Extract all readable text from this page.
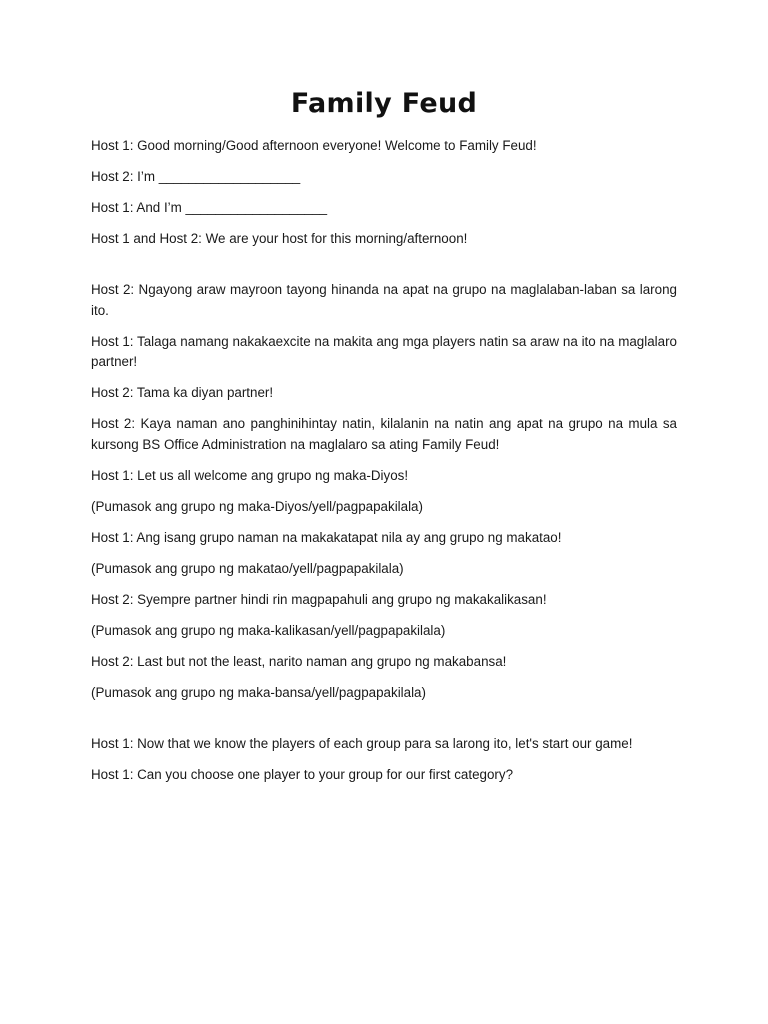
Family Feud

Host 1: Good morning/Good afternoon everyone! Welcome to Family Feud!

Host 2: I’m ___________________

Host 1: And I’m ___________________

Host 1 and Host 2: We are your host for this morning/afternoon!

Host 2: Ngayong araw mayroon tayong hinanda na apat na grupo na maglalaban-laban sa larong ito.

Host 1: Talaga namang nakakaexcite na makita ang mga players natin sa araw na ito na maglalaro partner!

Host 2: Tama ka diyan partner!

Host 2: Kaya naman ano panghinihintay natin, kilalanin na natin ang apat na grupo na mula sa kursong BS Office Administration na maglalaro sa ating Family Feud!

Host 1: Let us all welcome ang grupo ng maka-Diyos!

(Pumasok ang grupo ng maka-Diyos/yell/pagpapakilala)

Host 1: Ang isang grupo naman na makakatapat nila ay ang grupo ng makatao!

(Pumasok ang grupo ng makatao/yell/pagpapakilala)

Host 2: Syempre partner hindi rin magpapahuli ang grupo ng makakalikasan!

(Pumasok ang grupo ng maka-kalikasan/yell/pagpapakilala)

Host 2: Last but not the least, narito naman ang grupo ng makabansa!

(Pumasok ang grupo ng maka-bansa/yell/pagpapakilala)

Host 1: Now that we know the players of each group para sa larong ito, let's start our game!

Host 1: Can you choose one player to your group for our first category?
